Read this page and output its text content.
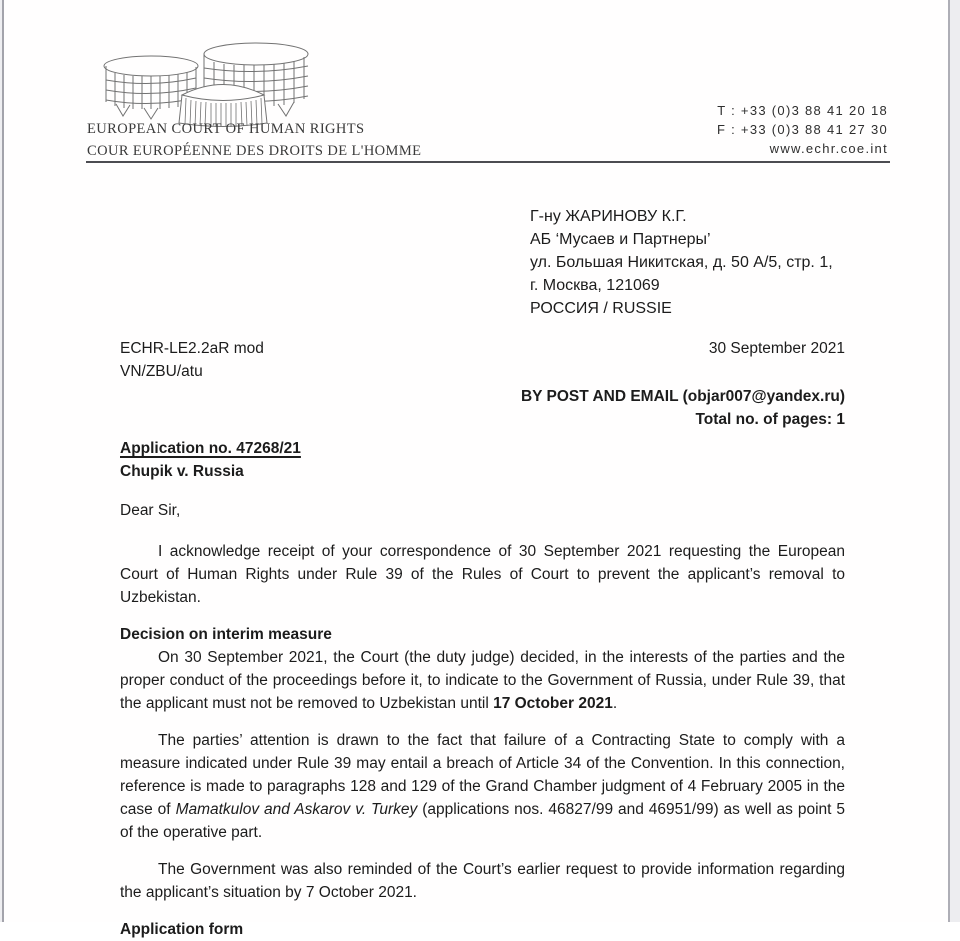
EUROPEAN COURT OF HUMAN RIGHTS
COUR EUROPÉENNE DES DROITS DE L'HOMME
T : +33 (0)3 88 41 20 18
F : +33 (0)3 88 41 27 30
www.echr.coe.int
Г-ну ЖАРИНОВУ К.Г.
АБ ‘Мусаев и Партнеры’
ул. Большая Никитская, д. 50 А/5, стр. 1,
г. Москва, 121069
РОССИЯ / RUSSIE
ECHR-LE2.2aR mod
VN/ZBU/atu
30 September 2021
BY POST AND EMAIL (objar007@yandex.ru)
Total no. of pages: 1
Application no. 47268/21
Chupik v. Russia
Dear Sir,
I acknowledge receipt of your correspondence of 30 September 2021 requesting the European Court of Human Rights under Rule 39 of the Rules of Court to prevent the applicant’s removal to Uzbekistan.
Decision on interim measure
On 30 September 2021, the Court (the duty judge) decided, in the interests of the parties and the proper conduct of the proceedings before it, to indicate to the Government of Russia, under Rule 39, that the applicant must not be removed to Uzbekistan until 17 October 2021.
The parties’ attention is drawn to the fact that failure of a Contracting State to comply with a measure indicated under Rule 39 may entail a breach of Article 34 of the Convention. In this connection, reference is made to paragraphs 128 and 129 of the Grand Chamber judgment of 4 February 2005 in the case of Mamatkulov and Askarov v. Turkey (applications nos. 46827/99 and 46951/99) as well as point 5 of the operative part.
The Government was also reminded of the Court’s earlier request to provide information regarding the applicant’s situation by 7 October 2021.
Application form
